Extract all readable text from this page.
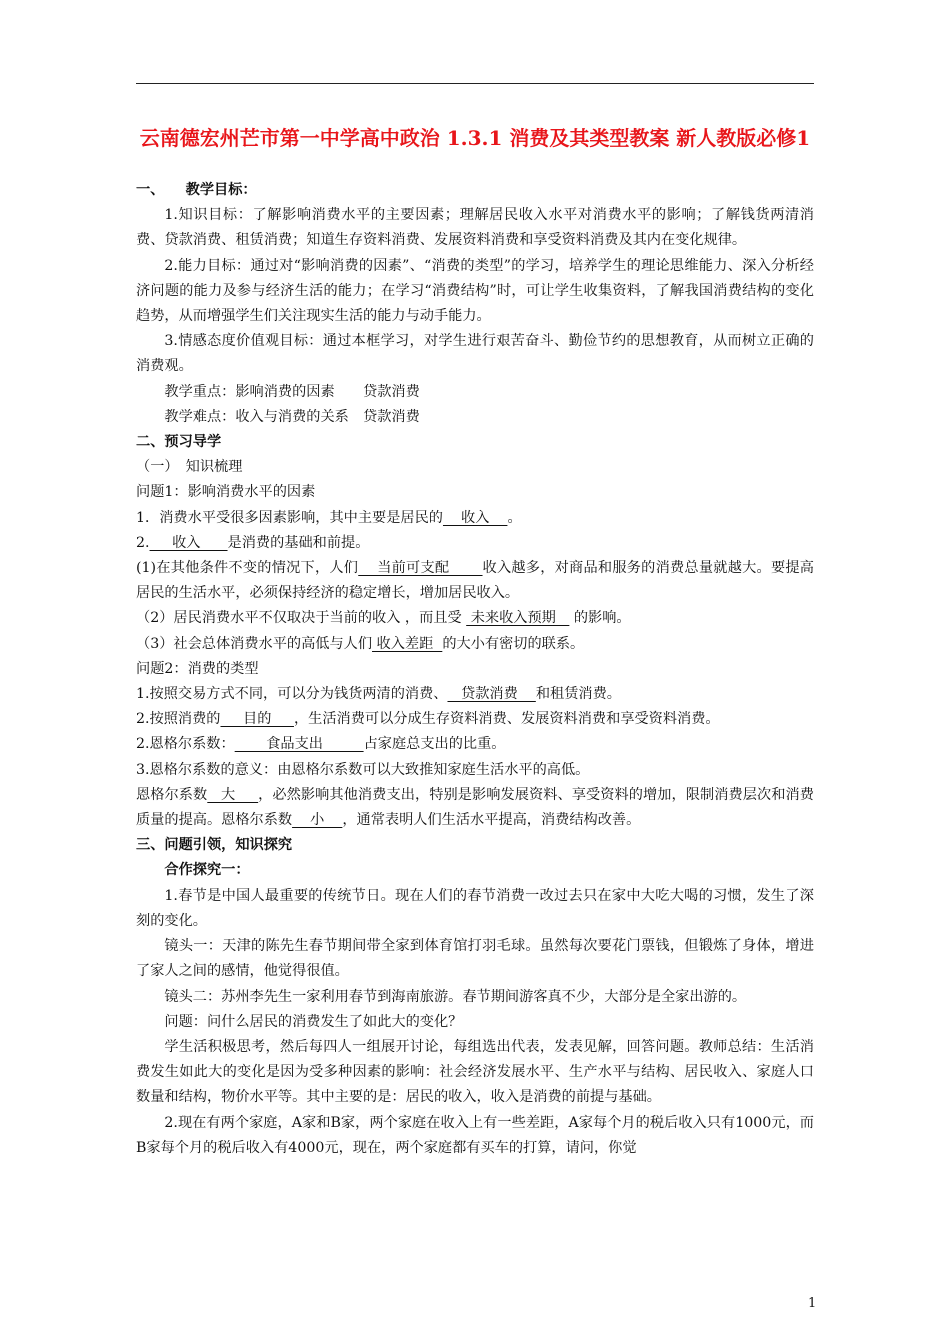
云南德宏州芒市第一中学高中政治 1.3.1 消费及其类型教案 新人教版必修1

一、　　教学目标：

1.知识目标：了解影响消费水平的主要因素；理解居民收入水平对消费水平的影响；了解钱货两清消费、贷款消费、租赁消费；知道生存资料消费、发展资料消费和享受资料消费及其内在变化规律。

2.能力目标：通过对“影响消费的因素”、“消费的类型”的学习，培养学生的理论思维能力、深入分析经济问题的能力及参与经济生活的能力；在学习“消费结构”时，可让学生收集资料，了解我国消费结构的变化趋势，从而增强学生们关注现实生活的能力与动手能力。

3.情感态度价值观目标：通过本框学习，对学生进行艰苦奋斗、勤俭节约的思想教育，从而树立正确的消费观。

教学重点：影响消费的因素　　贷款消费

教学难点：收入与消费的关系　贷款消费

二、预习导学

（一）　知识梳理

问题1：影响消费水平的因素

1．消费水平受很多因素影响，其中主要是居民的    收入    。

2.     收入      是消费的基础和前提。

(1)在其他条件不变的情况下，人们    当前可支配       收入越多，对商品和服务的消费总量就越大。要提高居民的生活水平，必须保持经济的稳定增长，增加居民收入。

（2）居民消费水平不仅取决于当前的收入 ，而且受  未来收入预期    的影响。

（3）社会总体消费水平的高低与人们 收入差距  的大小有密切的联系。

问题2：消费的类型

1.按照交易方式不同，可以分为钱货两清的消费、   贷款消费    和租赁消费。

2.按照消费的     目的     ，生活消费可以分成生存资料消费、发展资料消费和享受资料消费。

2.恩格尔系数：       食品支出         占家庭总支出的比重。

3.恩格尔系数的意义：由恩格尔系数可以大致推知家庭生活水平的高低。

恩格尔系数   大     ，必然影响其他消费支出，特别是影响发展资料、享受资料的增加，限制消费层次和消费质量的提高。恩格尔系数    小    ，通常表明人们生活水平提高，消费结构改善。

三、问题引领，知识探究

合作探究一：

1.春节是中国人最重要的传统节日。现在人们的春节消费一改过去只在家中大吃大喝的习惯，发生了深刻的变化。

镜头一：天津的陈先生春节期间带全家到体育馆打羽毛球。虽然每次要花门票钱，但锻炼了身体，增进了家人之间的感情，他觉得很值。

镜头二：苏州李先生一家利用春节到海南旅游。春节期间游客真不少，大部分是全家出游的。

问题：问什么居民的消费发生了如此大的变化？

学生活积极思考，然后每四人一组展开讨论，每组选出代表，发表见解，回答问题。教师总结：生活消费发生如此大的变化是因为受多种因素的影响：社会经济发展水平、生产水平与结构、居民收入、家庭人口数量和结构，物价水平等。其中主要的是：居民的收入，收入是消费的前提与基础。

2.现在有两个家庭，A家和B家，两个家庭在收入上有一些差距，A家每个月的税后收入只有1000元，而B家每个月的税后收入有4000元，现在，两个家庭都有买车的打算，请问，你觉

1
